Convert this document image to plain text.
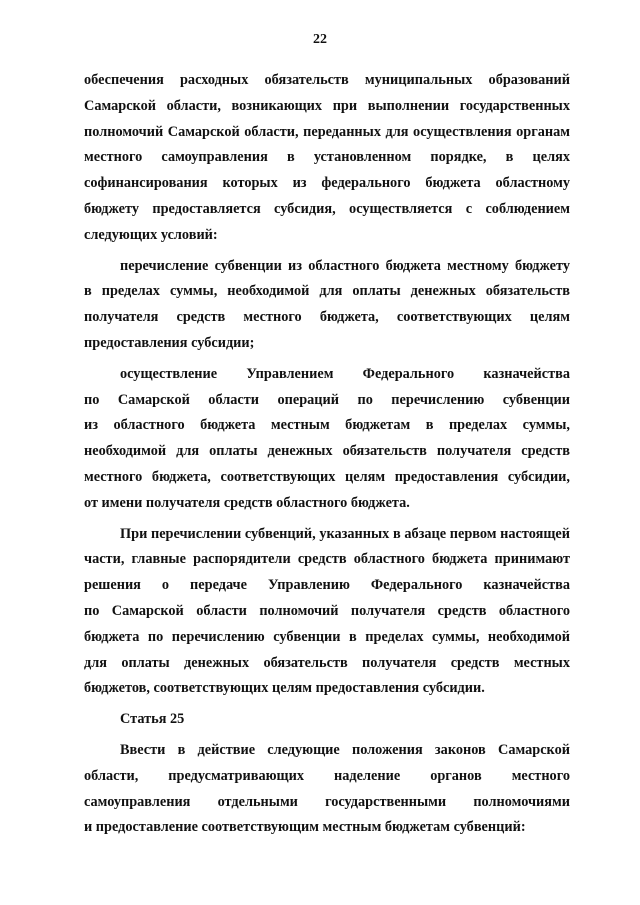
22
обеспечения расходных обязательств муниципальных образований
Самарской области, возникающих при выполнении государственных
полномочий Самарской области, переданных для осуществления органам
местного самоуправления в установленном порядке, в целях
софинансирования которых из федерального бюджета областному
бюджету предоставляется субсидия, осуществляется с соблюдением
следующих условий:
перечисление субвенции из областного бюджета местному бюджету
в пределах суммы, необходимой для оплаты денежных обязательств
получателя средств местного бюджета, соответствующих целям
предоставления субсидии;
осуществление Управлением Федерального казначейства
по Самарской области операций по перечислению субвенции
из областного бюджета местным бюджетам в пределах суммы,
необходимой для оплаты денежных обязательств получателя средств
местного бюджета, соответствующих целям предоставления субсидии,
от имени получателя средств областного бюджета.
При перечислении субвенций, указанных в абзаце первом настоящей
части, главные распорядители средств областного бюджета принимают
решения о передаче Управлению Федерального казначейства
по Самарской области полномочий получателя средств областного
бюджета по перечислению субвенции в пределах суммы, необходимой
для оплаты денежных обязательств получателя средств местных
бюджетов, соответствующих целям предоставления субсидии.
Статья 25
Ввести в действие следующие положения законов Самарской
области, предусматривающих наделение органов местного
самоуправления отдельными государственными полномочиями
и предоставление соответствующим местным бюджетам субвенций:
